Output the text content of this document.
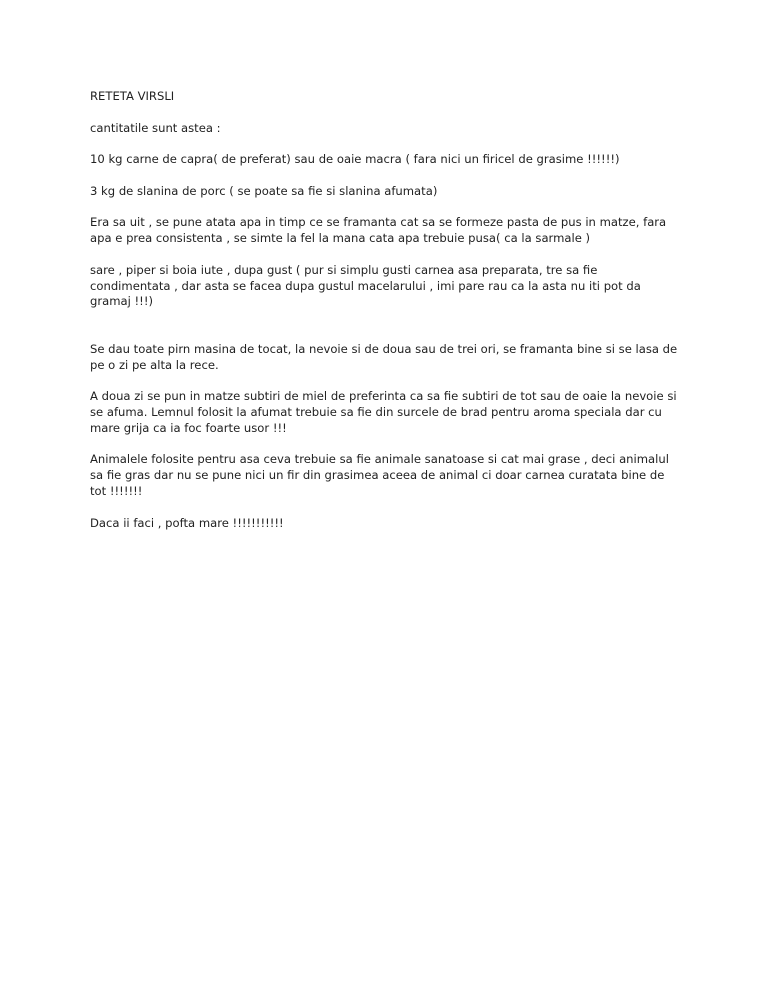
RETETA VIRSLI

cantitatile sunt astea :

10 kg carne de capra( de preferat) sau de oaie macra ( fara nici un firicel de grasime !!!!!!)

3 kg de slanina de porc ( se poate sa fie si slanina afumata)

Era sa uit , se pune atata apa in timp ce se framanta cat sa se formeze pasta de pus in matze, fara apa e prea consistenta , se simte la fel la mana cata apa trebuie pusa( ca la sarmale )

sare , piper si boia iute , dupa gust ( pur si simplu gusti carnea asa preparata, tre sa fie condimentata , dar asta se facea dupa gustul macelarului , imi pare rau ca la asta nu iti pot da gramaj !!!)

Se dau toate pirn masina de tocat, la nevoie si de doua sau de trei ori, se framanta bine si se lasa de pe o zi pe alta la rece.

A doua zi se pun in matze subtiri de miel de preferinta ca sa fie subtiri de tot sau de oaie la nevoie si se afuma. Lemnul folosit la afumat trebuie sa fie din surcele de brad pentru aroma speciala dar cu mare grija ca ia foc foarte usor !!!

Animalele folosite pentru asa ceva trebuie sa fie animale sanatoase si cat mai grase , deci animalul sa fie gras dar nu se pune nici un fir din grasimea aceea de animal ci doar carnea curatata bine de tot !!!!!!!

Daca ii faci , pofta mare !!!!!!!!!!!
